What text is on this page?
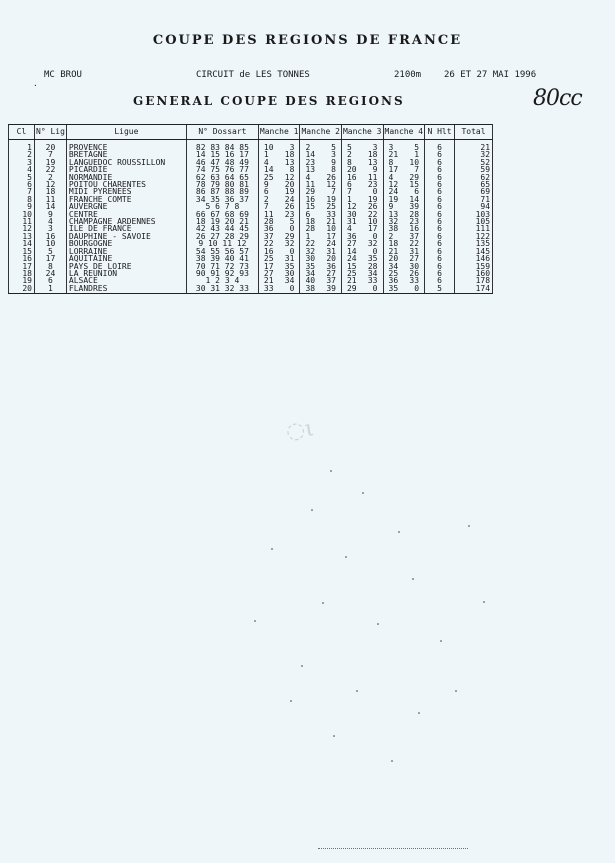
COUPE DES REGIONS DE FRANCE
MC BROU
.
CIRCUIT de LES TONNES	2100m	26 ET 27 MAI 1996
GENERAL COUPE DES REGIONS	80cc
Cl	N° Lig	Ligue	N° Dossart	Manche 1	Manche 2	Manche 3	Manche 4	N Hlt	Total
1	20	PROVENCE	82 83 84 85	10 3	2 5	5 3	3 5	6	21
2	7	BRETAGNE	14 15 16 17	1 18	14 3	2 18	21 1	6	32
3	19	LANGUEDOC ROUSSILLON	46 47 48 49	4 13	23 9	8 13	8 10	6	52
4	22	PICARDIE	74 75 76 77	14 8	13 8	20 9	17 7	6	59
5	2	NORMANDIE	62 63 64 65	25 12	4 26	16 11	4 29	6	62
6	12	POITOU CHARENTES	78 79 80 81	9 20	11 12	6 23	12 15	6	65
7	18	MIDI PYRENEES	86 87 88 89	6 19	29 7	7 0	24 6	6	69
8	11	FRANCHE COMTE	34 35 36 37	2 24	16 19	1 19	19 14	6	71
9	14	AUVERGNE	5 6 7 8	7 26	15 25	12 26	9 39	6	94
10	9	CENTRE	66 67 68 69	11 23	6 33	30 22	13 28	6	103
11	4	CHAMPAGNE ARDENNES	18 19 20 21	28 5	18 21	31 10	32 23	6	105
12	3	ILE DE FRANCE	42 43 44 45	36 0	28 10	4 17	38 16	6	111
13	16	DAUPHINE - SAVOIE	26 27 28 29	37 29	1 17	36 0	2 37	6	122
14	10	BOURGOGNE	9 10 11 12	22 32	22 24	27 32	18 22	6	135
15	5	LORRAINE	54 55 56 57	16 0	32 31	14 0	21 31	6	145
16	17	AQUITAINE	38 39 40 41	25 31	30 20	24 35	20 27	6	146
17	8	PAYS DE LOIRE	70 71 72 73	17 35	35 36	15 28	34 30	6	159
18	24	LA REUNION	90 91 92 93	27 30	34 27	25 34	25 26	6	160
19	6	ALSACE	1 2 3 4	21 34	40 37	21 33	36 33	6	178
20	1	FLANDRES	30 31 32 33	33 0	38 39	29 0	35 0	5	174
◌ι
